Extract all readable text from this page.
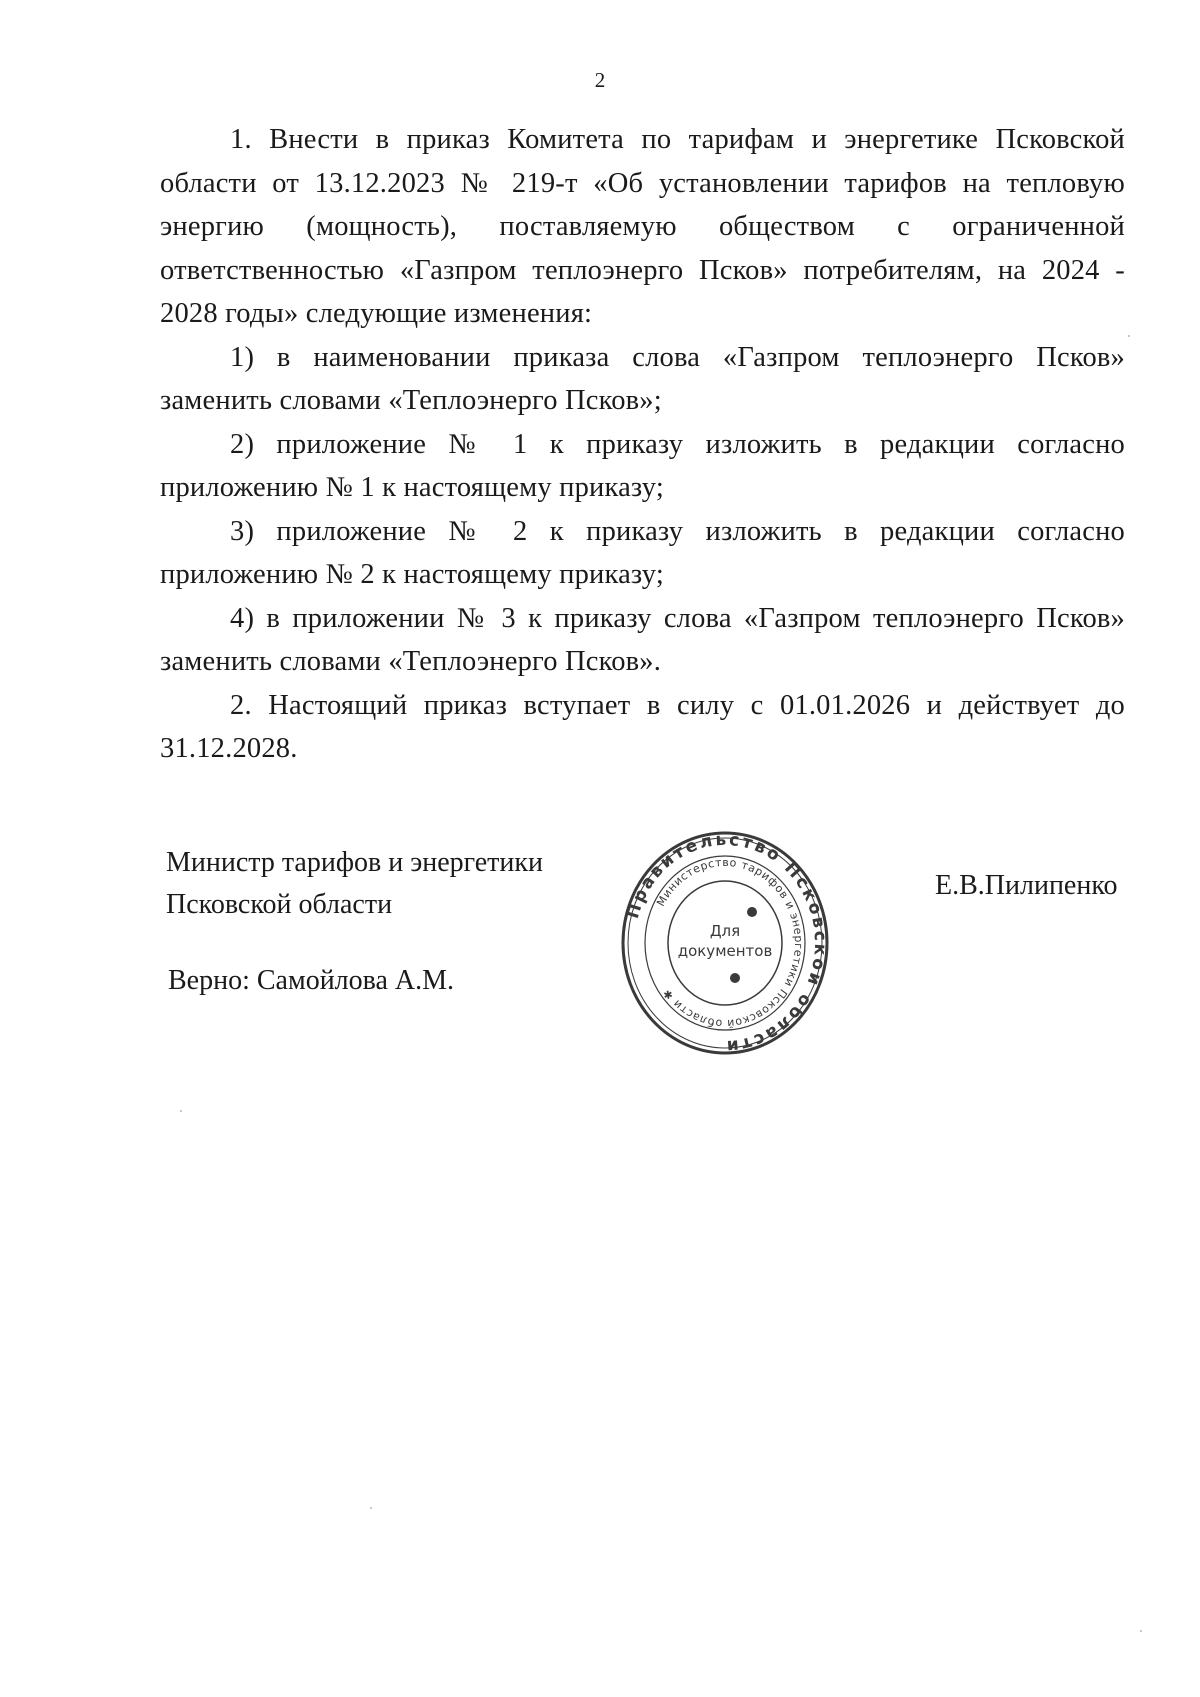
2

1. Внести в приказ Комитета по тарифам и энергетике Псковской области от 13.12.2023 № 219-т «Об установлении тарифов на тепловую энергию (мощность), поставляемую обществом с ограниченной ответственностью «Газпром теплоэнерго Псков» потребителям, на 2024 - 2028 годы» следующие изменения:

1) в наименовании приказа слова «Газпром теплоэнерго Псков» заменить словами «Теплоэнерго Псков»;

2) приложение № 1 к приказу изложить в редакции согласно приложению № 1 к настоящему приказу;

3) приложение № 2 к приказу изложить в редакции согласно приложению № 2 к настоящему приказу;

4) в приложении № 3 к приказу слова «Газпром теплоэнерго Псков» заменить словами «Теплоэнерго Псков».

2. Настоящий приказ вступает в силу с 01.01.2026 и действует до 31.12.2028.

Министр тарифов и энергетики
Псковской области
Верно: Самойлова А.М.
Е.В.Пилипенко
Правительство Псковской области
Министерство тарифов и энергетики Псковской области ✱
Для
документов
